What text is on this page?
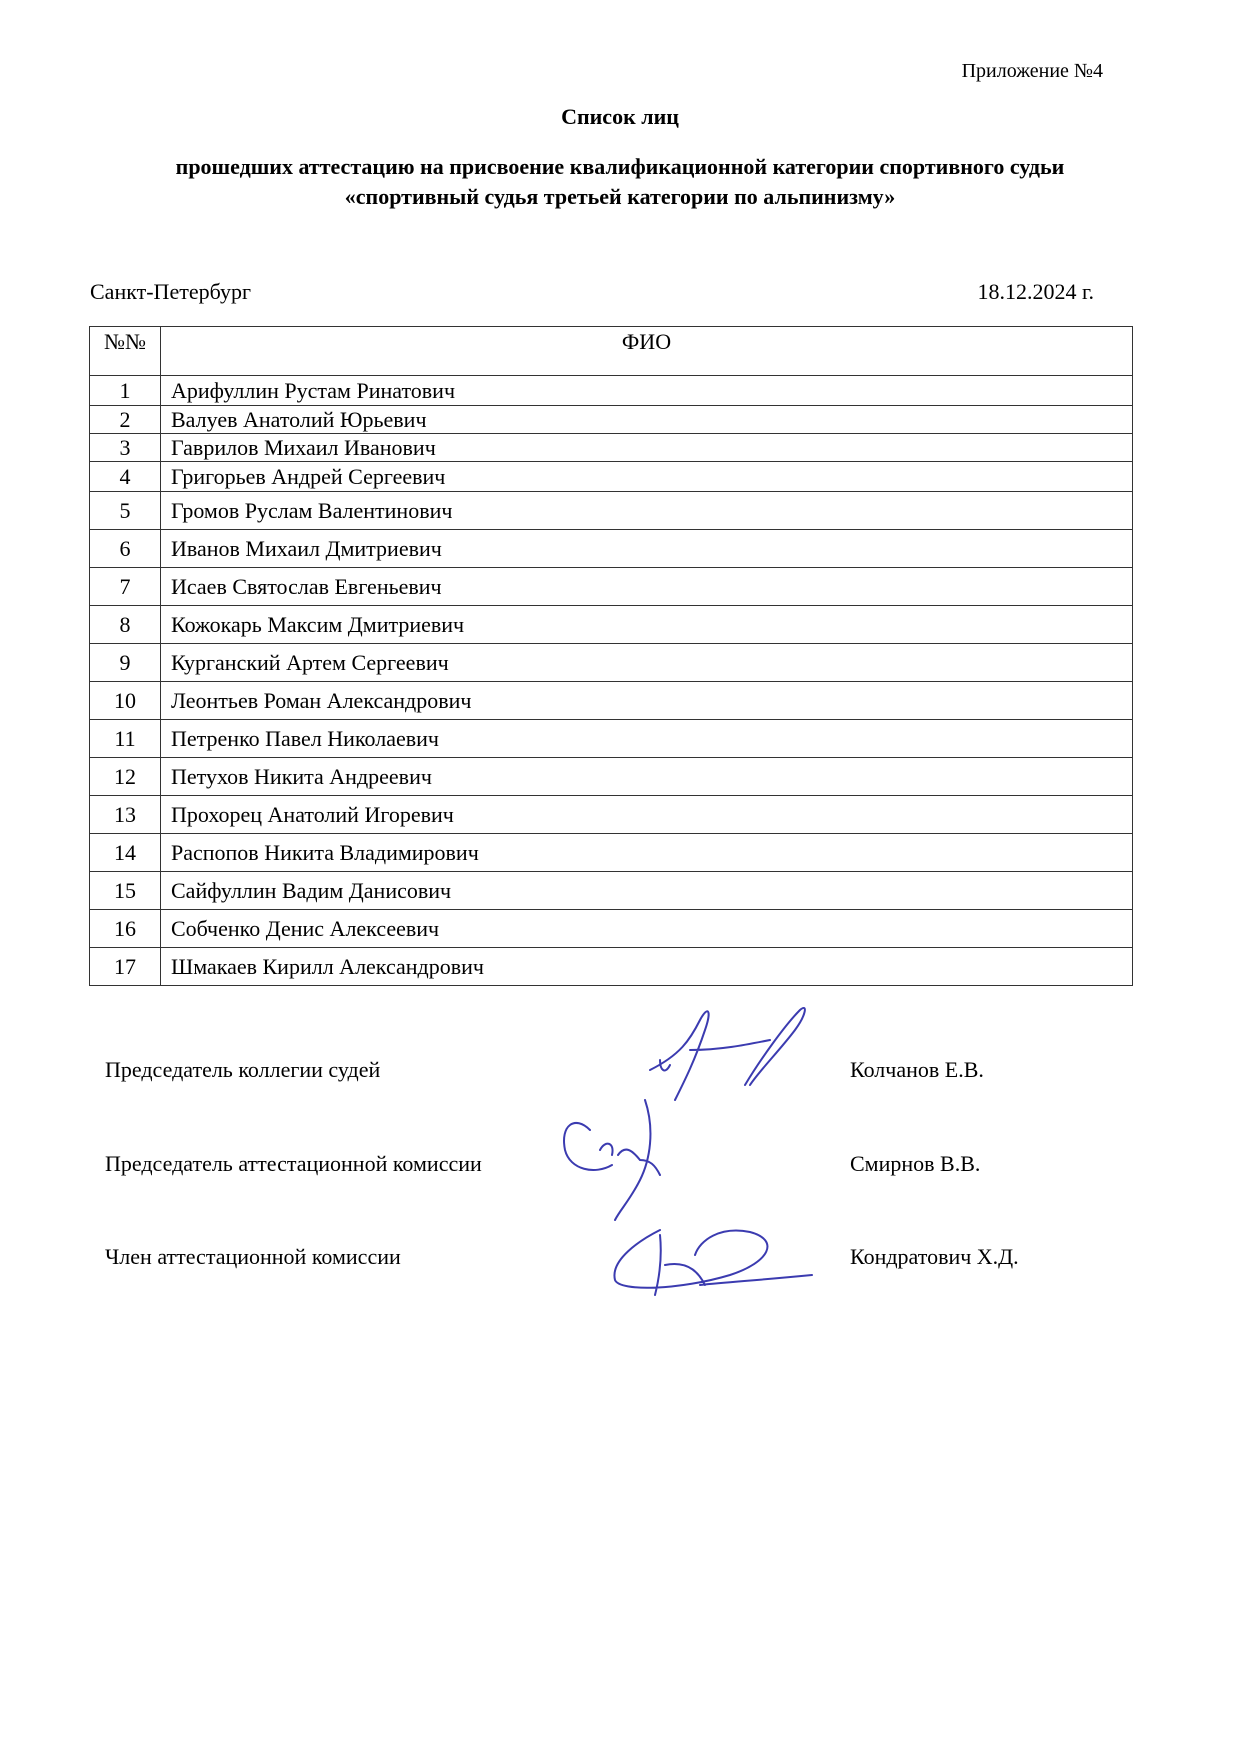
Приложение №4
Список лиц
прошедших аттестацию на присвоение квалификационной категории спортивного судьи
«спортивный судья третьей категории по альпинизму»
Санкт-Петербург	18.12.2024 г.
№№	ФИО
1	Арифуллин Рустам Ринатович
2	Валуев Анатолий Юрьевич
3	Гаврилов Михаил Иванович
4	Григорьев Андрей Сергеевич
5	Громов Руслам Валентинович
6	Иванов Михаил Дмитриевич
7	Исаев Святослав Евгеньевич
8	Кожокарь Максим Дмитриевич
9	Курганский Артем Сергеевич
10	Леонтьев Роман Александрович
11	Петренко Павел Николаевич
12	Петухов Никита Андреевич
13	Прохорец Анатолий Игоревич
14	Распопов Никита Владимирович
15	Сайфуллин Вадим Данисович
16	Собченко Денис Алексеевич
17	Шмакаев Кирилл Александрович
Председатель коллегии судей	Колчанов Е.В.
Председатель аттестационной комиссии	Смирнов В.В.
Член аттестационной комиссии	Кондратович Х.Д.
